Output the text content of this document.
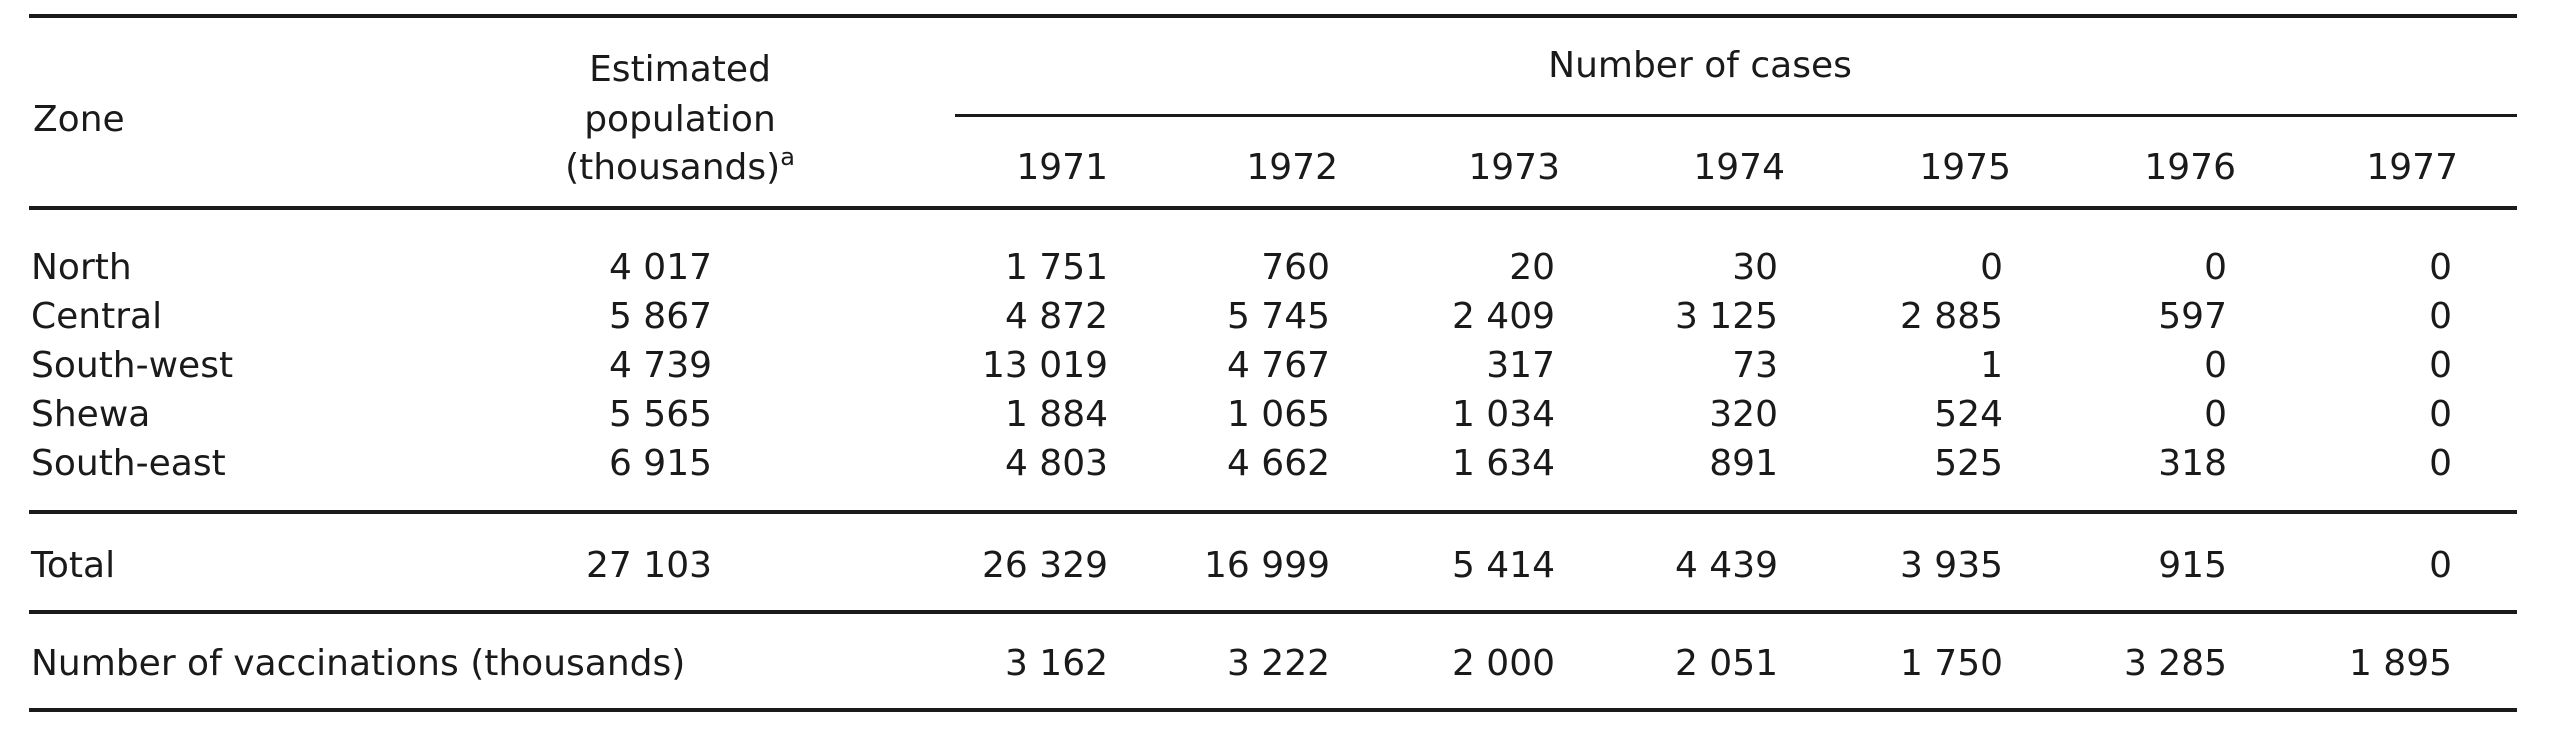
Zone
Estimated
population
(thousands)$^a$
Number of cases
1971	1972	1973	1974	1975	1976	1977
North	4 017	1 751	760	20	30	0	0	0
Central	5 867	4 872	5 745	2 409	3 125	2 885	597	0
South-west	4 739	13 019	4 767	317	73	1	0	0
Shewa	5 565	1 884	1 065	1 034	320	524	0	0
South-east	6 915	4 803	4 662	1 634	891	525	318	0
Total	27 103	26 329	16 999	5 414	4 439	3 935	915	0
Number of vaccinations (thousands)	3 162	3 222	2 000	2 051	1 750	3 285	1 895
